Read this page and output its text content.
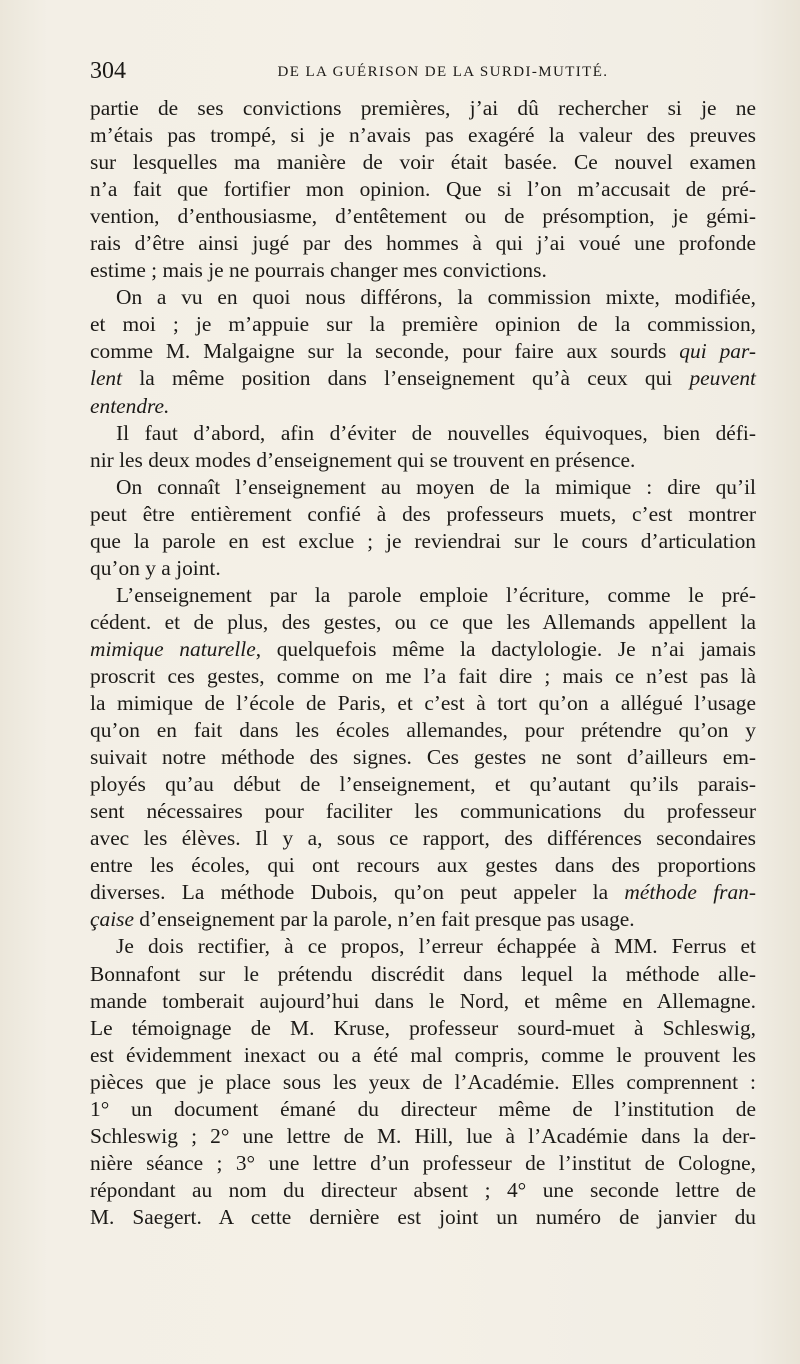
304	DE LA GUÉRISON DE LA SURDI-MUTITÉ.
partie de ses convictions premières, j’ai dû rechercher si je ne
m’étais pas trompé, si je n’avais pas exagéré la valeur des preuves
sur lesquelles ma manière de voir était basée. Ce nouvel examen
n’a fait que fortifier mon opinion. Que si l’on m’accusait de pré-
vention, d’enthousiasme, d’entêtement ou de présomption, je gémi-
rais d’être ainsi jugé par des hommes à qui j’ai voué une profonde
estime ; mais je ne pourrais changer mes convictions.
On a vu en quoi nous différons, la commission mixte, modifiée,
et moi ; je m’appuie sur la première opinion de la commission,
comme M. Malgaigne sur la seconde, pour faire aux sourds qui par-
lent la même position dans l’enseignement qu’à ceux qui peuvent
entendre.
Il faut d’abord, afin d’éviter de nouvelles équivoques, bien défi-
nir les deux modes d’enseignement qui se trouvent en présence.
On connaît l’enseignement au moyen de la mimique : dire qu’il
peut être entièrement confié à des professeurs muets, c’est montrer
que la parole en est exclue ; je reviendrai sur le cours d’articulation
qu’on y a joint.
L’enseignement par la parole emploie l’écriture, comme le pré-
cédent. et de plus, des gestes, ou ce que les Allemands appellent la
mimique naturelle, quelquefois même la dactylologie. Je n’ai jamais
proscrit ces gestes, comme on me l’a fait dire ; mais ce n’est pas là
la mimique de l’école de Paris, et c’est à tort qu’on a allégué l’usage
qu’on en fait dans les écoles allemandes, pour prétendre qu’on y
suivait notre méthode des signes. Ces gestes ne sont d’ailleurs em-
ployés qu’au début de l’enseignement, et qu’autant qu’ils parais-
sent nécessaires pour faciliter les communications du professeur
avec les élèves. Il y a, sous ce rapport, des différences secondaires
entre les écoles, qui ont recours aux gestes dans des proportions
diverses. La méthode Dubois, qu’on peut appeler la méthode fran-
çaise d’enseignement par la parole, n’en fait presque pas usage.
Je dois rectifier, à ce propos, l’erreur échappée à MM. Ferrus et
Bonnafont sur le prétendu discrédit dans lequel la méthode alle-
mande tomberait aujourd’hui dans le Nord, et même en Allemagne.
Le témoignage de M. Kruse, professeur sourd-muet à Schleswig,
est évidemment inexact ou a été mal compris, comme le prouvent les
pièces que je place sous les yeux de l’Académie. Elles comprennent :
1° un document émané du directeur même de l’institution de
Schleswig ; 2° une lettre de M. Hill, lue à l’Académie dans la der-
nière séance ; 3° une lettre d’un professeur de l’institut de Cologne,
répondant au nom du directeur absent ; 4° une seconde lettre de
M. Saegert. A cette dernière est joint un numéro de janvier du
